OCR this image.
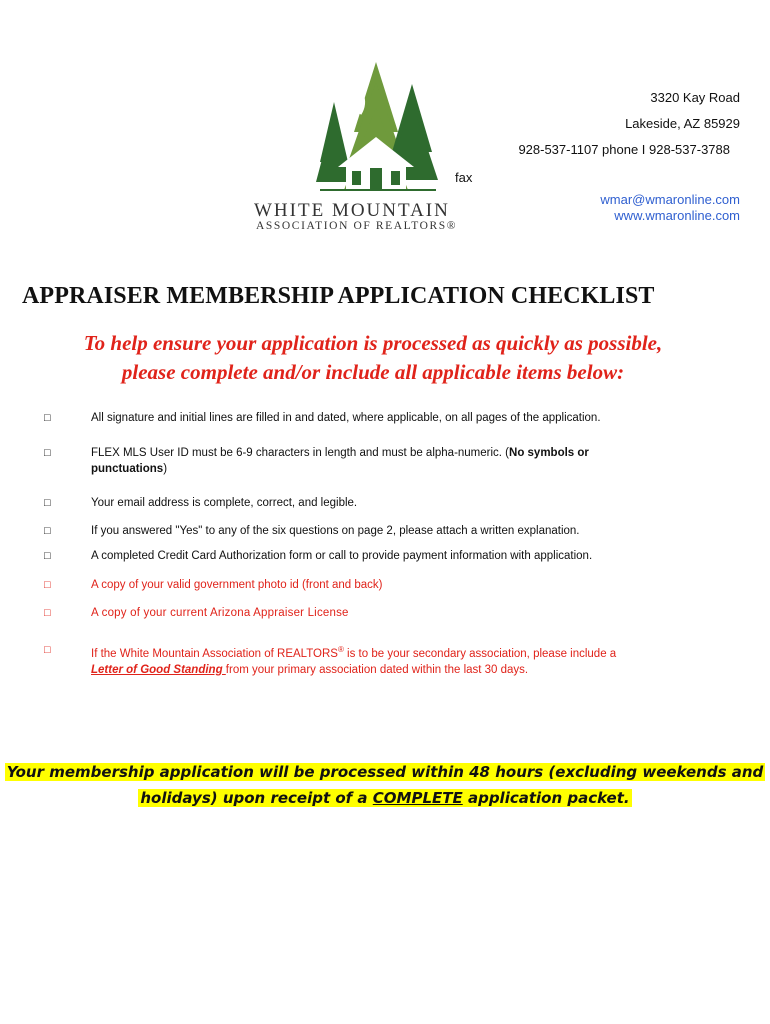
WHITE MOUNTAIN
ASSOCIATION OF REALTORS®
3320 Kay Road
Lakeside, AZ 85929
928-537-1107 phone I 928-537-3788
wmar@wmaronline.com
www.wmaronline.com
fax
APPRAISER MEMBERSHIP APPLICATION CHECKLIST
To help ensure your application is processed as quickly as possible,
please complete and/or include all applicable items below:
□	All signature and initial lines are filled in and dated, where applicable, on all pages of the application.
□	FLEX MLS User ID must be 6-9 characters in length and must be alpha-numeric. (No symbols or
punctuations)
□	Your email address is complete, correct, and legible.
□	If you answered "Yes" to any of the six questions on page 2, please attach a written explanation.
□	A completed Credit Card Authorization form or call to provide payment information with application.
□	A copy of your valid government photo id (front and back)
□	A copy of your current Arizona Appraiser License
□	If the White Mountain Association of REALTORS® is to be your secondary association, please include a
Letter of Good Standing from your primary association dated within the last 30 days.
Your membership application will be processed within 48 hours (excluding weekends and
holidays) upon receipt of a COMPLETE application packet.
